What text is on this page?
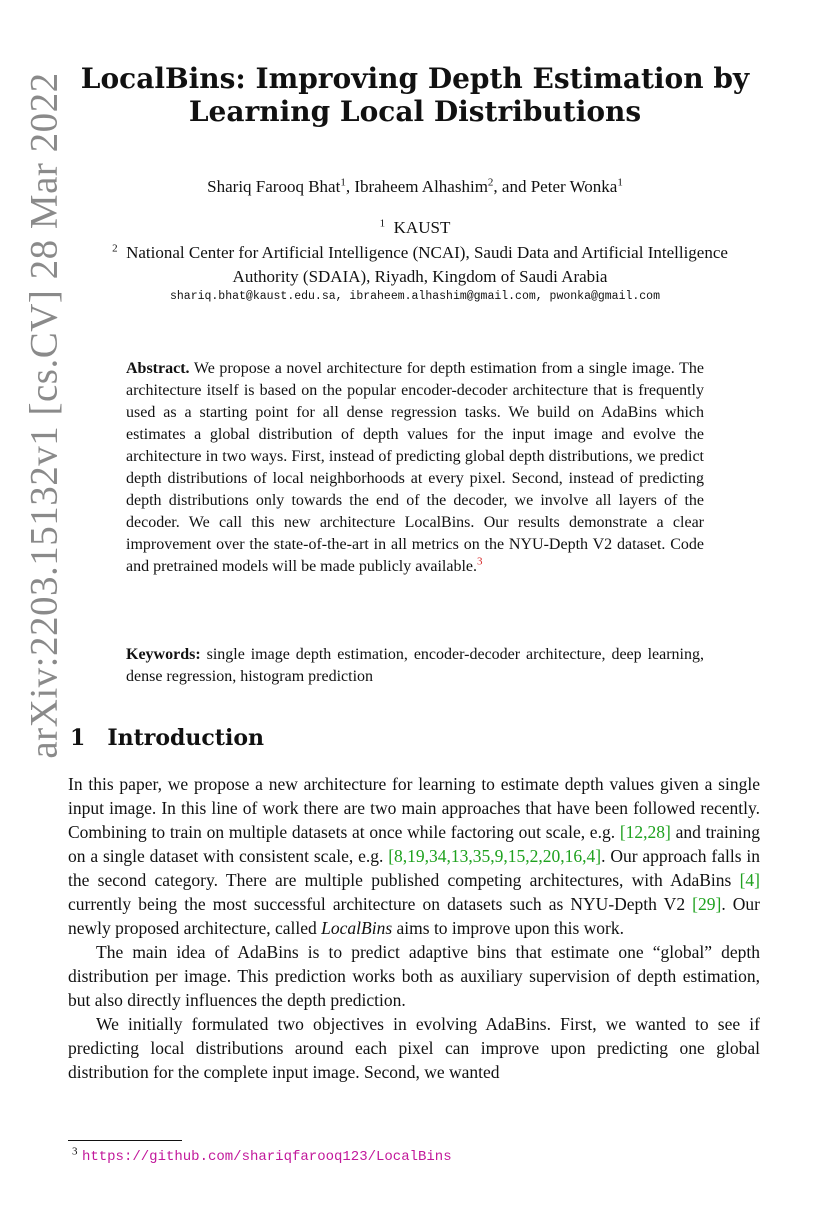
arXiv:2203.15132v1 [cs.CV] 28 Mar 2022 LocalBins: Improving Depth Estimation by
Learning Local Distributions
Shariq Farooq Bhat$^1$, Ibraheem Alhashim$^2$, and Peter Wonka$^1$
$^1$ KAUST
$^2$ National Center for Artificial Intelligence (NCAI), Saudi Data and Artificial Intelligence Authority (SDAIA), Riyadh, Kingdom of Saudi Arabia
shariq.bhat@kaust.edu.sa, ibraheem.alhashim@gmail.com, pwonka@gmail.com
Abstract. We propose a novel architecture for depth estimation from a single image. The architecture itself is based on the popular encoder-decoder architecture that is frequently used as a starting point for all dense regression tasks. We build on AdaBins which estimates a global distribution of depth values for the input image and evolve the architecture in two ways. First, instead of predicting global depth distributions, we predict depth distributions of local neighborhoods at every pixel. Second, instead of predicting depth distributions only towards the end of the decoder, we involve all layers of the decoder. We call this new architecture LocalBins. Our results demonstrate a clear improvement over the state-of-the-art in all metrics on the NYU-Depth V2 dataset. Code and pretrained models will be made publicly available.$^3$
Keywords: single image depth estimation, encoder-decoder architecture, deep learning, dense regression, histogram prediction
1 Introduction

In this paper, we propose a new architecture for learning to estimate depth values given a single input image. In this line of work there are two main approaches that have been followed recently. Combining to train on multiple datasets at once while factoring out scale, e.g. [12,28] and training on a single dataset with consistent scale, e.g. [8,19,34,13,35,9,15,2,20,16,4]. Our approach falls in the second category. There are multiple published competing architectures, with AdaBins [4] currently being the most successful architecture on datasets such as NYU-Depth V2 [29]. Our newly proposed architecture, called LocalBins aims to improve upon this work.

The main idea of AdaBins is to predict adaptive bins that estimate one “global” depth distribution per image. This prediction works both as auxiliary supervision of depth estimation, but also directly influences the depth prediction.

We initially formulated two objectives in evolving AdaBins. First, we wanted to see if predicting local distributions around each pixel can improve upon predicting one global distribution for the complete input image. Second, we wanted

$^3$ https://github.com/shariqfarooq123/LocalBins
